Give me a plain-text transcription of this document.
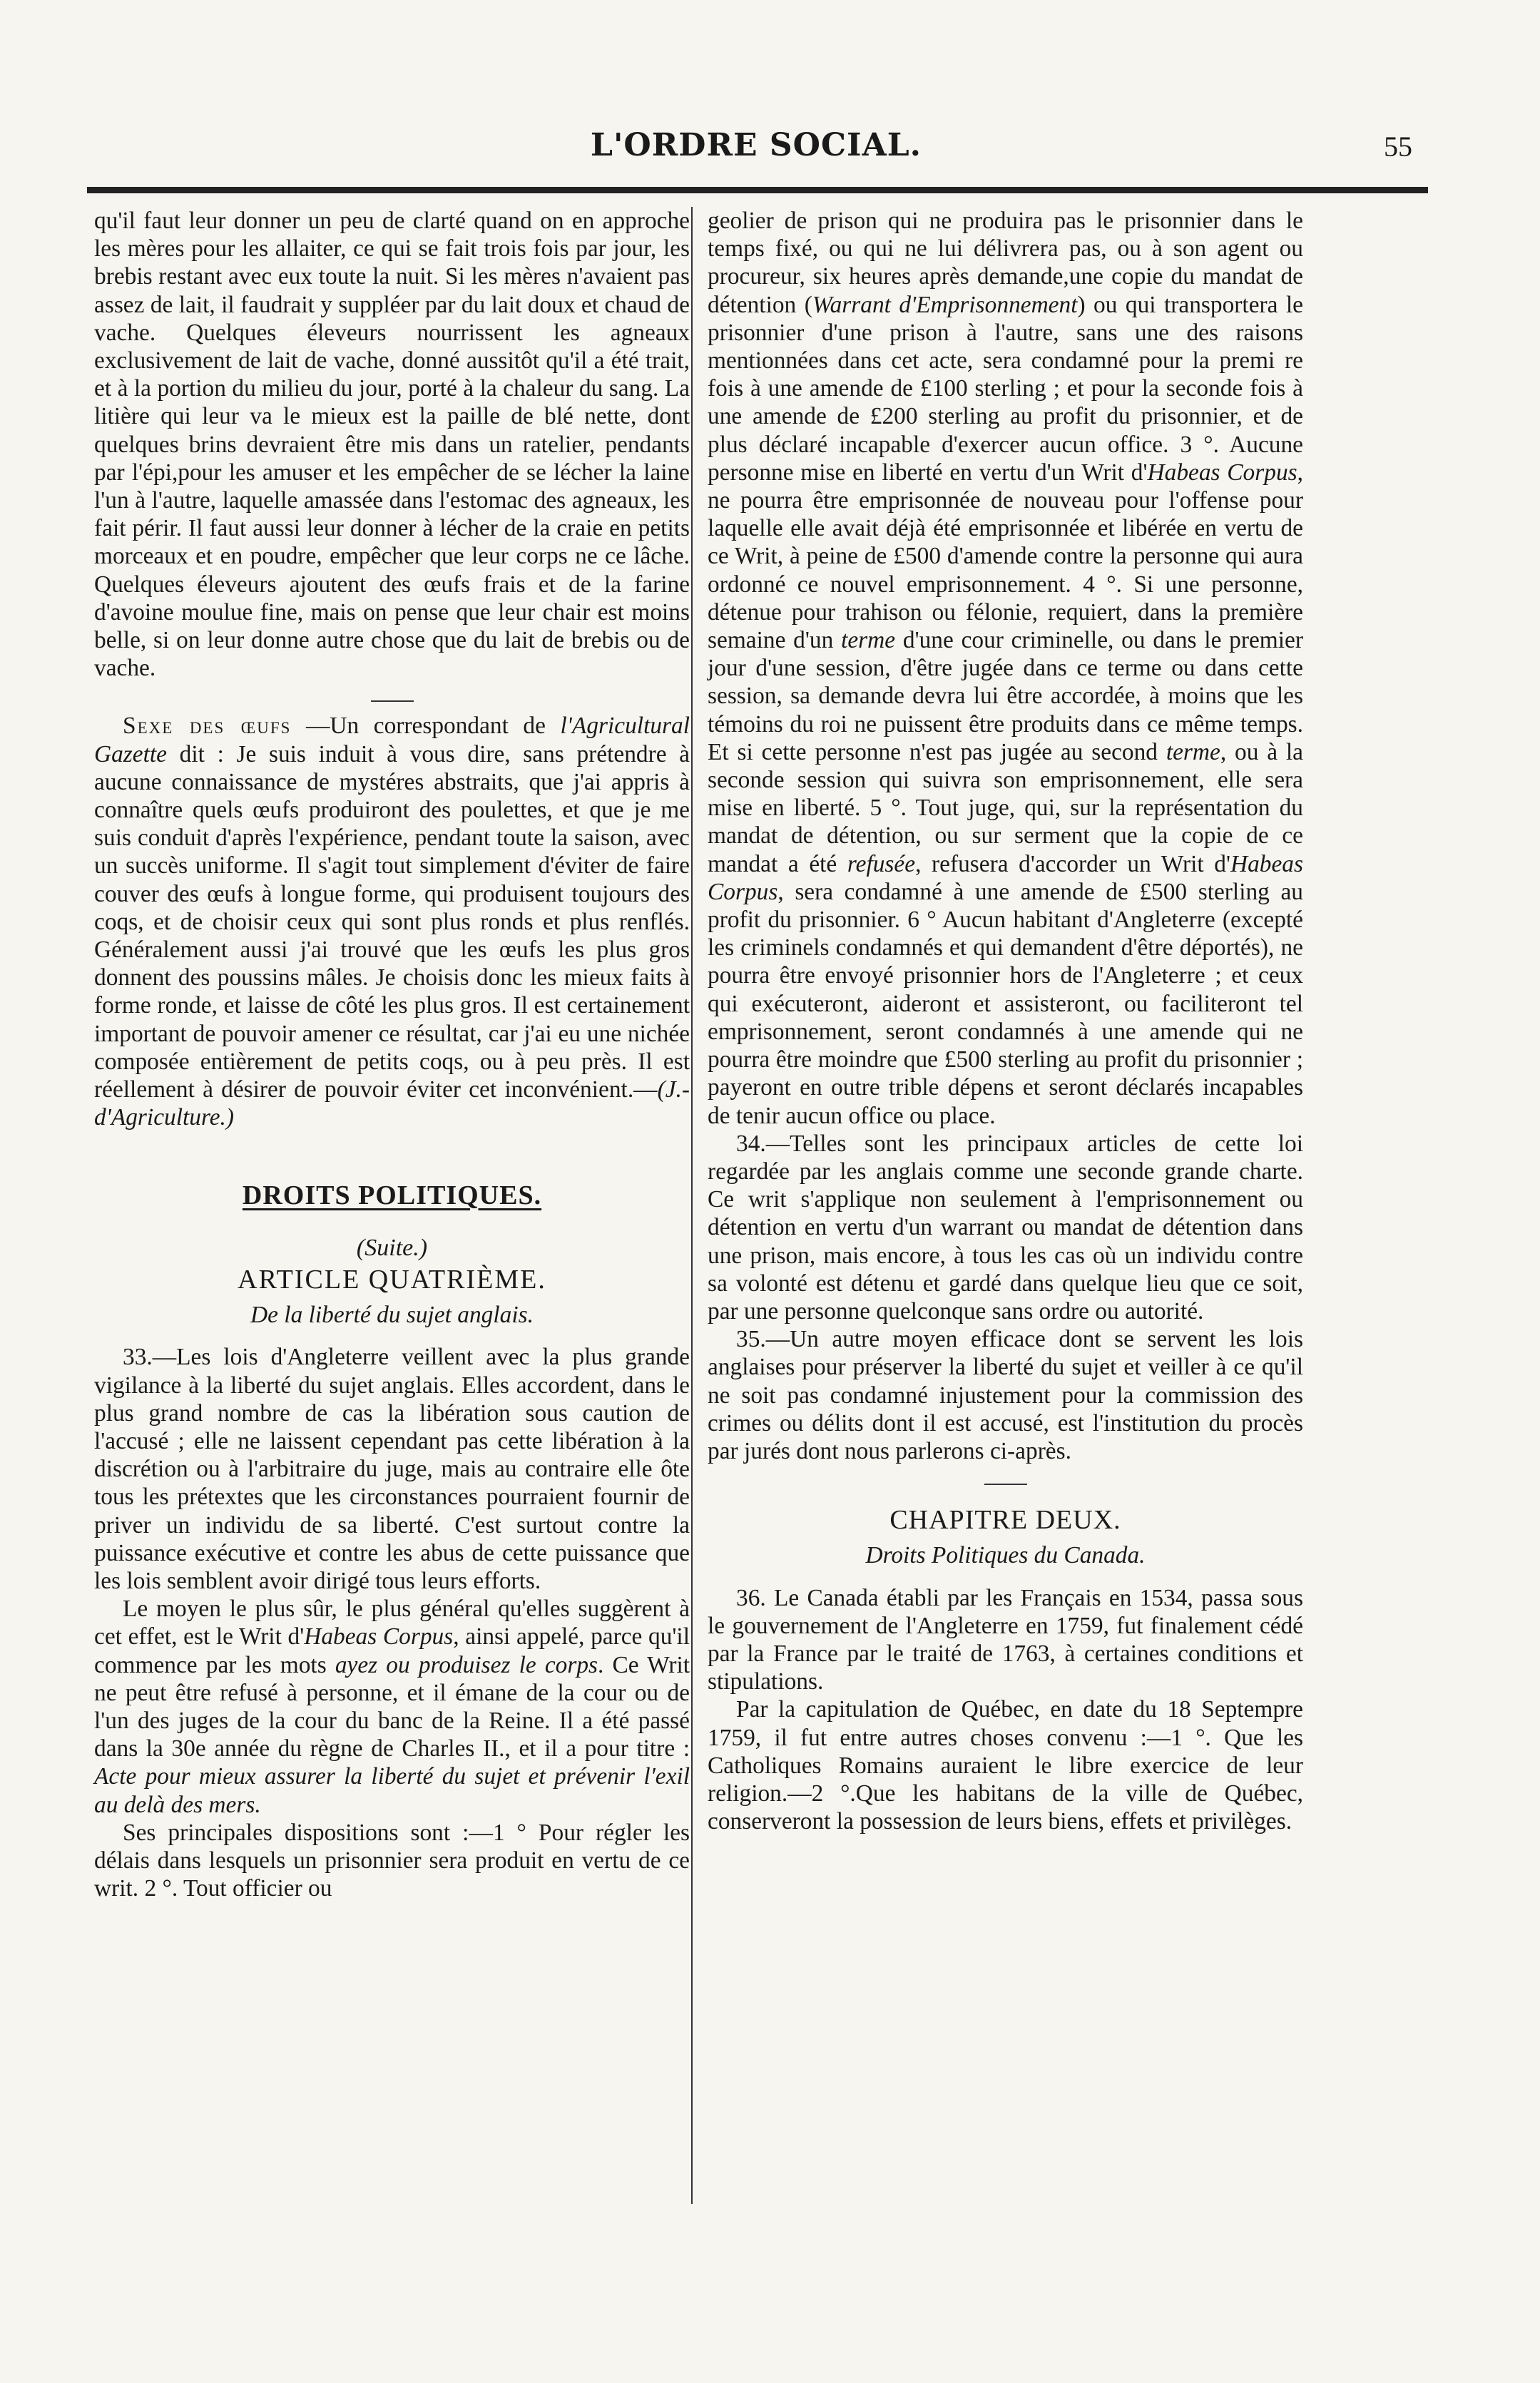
L'ORDRE SOCIAL.	55

qu'il faut leur donner un peu de clarté quand on en approche les mères pour les allaiter, ce qui se fait trois fois par jour, les brebis restant avec eux toute la nuit. Si les mères n'avaient pas assez de lait, il faudrait y suppléer par du lait doux et chaud de vache. Quelques éleveurs nourrissent les agneaux exclusivement de lait de vache, donné aussitôt qu'il a été trait, et à la portion du milieu du jour, porté à la chaleur du sang. La litière qui leur va le mieux est la paille de blé nette, dont quelques brins devraient être mis dans un ratelier, pendants par l'épi,pour les amuser et les empêcher de se lécher la laine l'un à l'autre, laquelle amassée dans l'estomac des agneaux, les fait périr. Il faut aussi leur donner à lécher de la craie en petits morceaux et en poudre, empêcher que leur corps ne ce lâche. Quelques éleveurs ajoutent des œufs frais et de la farine d'avoine moulue fine, mais on pense que leur chair est moins belle, si on leur donne autre chose que du lait de brebis ou de vache.

Sexe des œufs —Un correspondant de l'Agricultural Gazette dit : Je suis induit à vous dire, sans prétendre à aucune connaissance de mystéres abstraits, que j'ai appris à connaître quels œufs produiront des poulettes, et que je me suis conduit d'après l'expérience, pendant toute la saison, avec un succès uniforme. Il s'agit tout simplement d'éviter de faire couver des œufs à longue forme, qui produisent toujours des coqs, et de choisir ceux qui sont plus ronds et plus renflés. Généralement aussi j'ai trouvé que les œufs les plus gros donnent des poussins mâles. Je choisis donc les mieux faits à forme ronde, et laisse de côté les plus gros. Il est certainement important de pouvoir amener ce résultat, car j'ai eu une nichée composée entièrement de petits coqs, ou à peu près. Il est réellement à désirer de pouvoir éviter cet inconvénient.—(J.-d'Agriculture.)

DROITS POLITIQUES.
(Suite.)
ARTICLE QUATRIÈME.
De la liberté du sujet anglais.

33.—Les lois d'Angleterre veillent avec la plus grande vigilance à la liberté du sujet anglais. Elles accordent, dans le plus grand nombre de cas la libération sous caution de l'accusé ; elle ne laissent cependant pas cette libération à la discrétion ou à l'arbitraire du juge, mais au contraire elle ôte tous les prétextes que les circonstances pourraient fournir de priver un individu de sa liberté. C'est surtout contre la puissance exécutive et contre les abus de cette puissance que les lois semblent avoir dirigé tous leurs efforts.

Le moyen le plus sûr, le plus général qu'elles suggèrent à cet effet, est le Writ d'Habeas Corpus, ainsi appelé, parce qu'il commence par les mots ayez ou produisez le corps. Ce Writ ne peut être refusé à personne, et il émane de la cour ou de l'un des juges de la cour du banc de la Reine. Il a été passé dans la 30e année du règne de Charles II., et il a pour titre : Acte pour mieux assurer la liberté du sujet et prévenir l'exil au delà des mers.

Ses principales dispositions sont :—1 ° Pour régler les délais dans lesquels un prisonnier sera produit en vertu de ce writ. 2 °. Tout officier ou

geolier de prison qui ne produira pas le prisonnier dans le temps fixé, ou qui ne lui délivrera pas, ou à son agent ou procureur, six heures après demande,une copie du mandat de détention (Warrant d'Emprisonnement) ou qui transportera le prisonnier d'une prison à l'autre, sans une des raisons mentionnées dans cet acte, sera condamné pour la premi re fois à une amende de £100 sterling ; et pour la seconde fois à une amende de £200 sterling au profit du prisonnier, et de plus déclaré incapable d'exercer aucun office. 3 °. Aucune personne mise en liberté en vertu d'un Writ d'Habeas Corpus, ne pourra être emprisonnée de nouveau pour l'offense pour laquelle elle avait déjà été emprisonnée et libérée en vertu de ce Writ, à peine de £500 d'amende contre la personne qui aura ordonné ce nouvel emprisonnement. 4 °. Si une personne, détenue pour trahison ou félonie, requiert, dans la première semaine d'un terme d'une cour criminelle, ou dans le premier jour d'une session, d'être jugée dans ce terme ou dans cette session, sa demande devra lui être accordée, à moins que les témoins du roi ne puissent être produits dans ce même temps. Et si cette personne n'est pas jugée au second terme, ou à la seconde session qui suivra son emprisonnement, elle sera mise en liberté. 5 °. Tout juge, qui, sur la représentation du mandat de détention, ou sur serment que la copie de ce mandat a été refusée, refusera d'accorder un Writ d'Habeas Corpus, sera condamné à une amende de £500 sterling au profit du prisonnier. 6 ° Aucun habitant d'Angleterre (excepté les criminels condamnés et qui demandent d'être déportés), ne pourra être envoyé prisonnier hors de l'Angleterre ; et ceux qui exécuteront, aideront et assisteront, ou faciliteront tel emprisonnement, seront condamnés à une amende qui ne pourra être moindre que £500 sterling au profit du prisonnier ; payeront en outre trible dépens et seront déclarés incapables de tenir aucun office ou place.

34.—Telles sont les principaux articles de cette loi regardée par les anglais comme une seconde grande charte. Ce writ s'applique non seulement à l'emprisonnement ou détention en vertu d'un warrant ou mandat de détention dans une prison, mais encore, à tous les cas où un individu contre sa volonté est détenu et gardé dans quelque lieu que ce soit, par une personne quelconque sans ordre ou autorité.

35.—Un autre moyen efficace dont se servent les lois anglaises pour préserver la liberté du sujet et veiller à ce qu'il ne soit pas condamné injustement pour la commission des crimes ou délits dont il est accusé, est l'institution du procès par jurés dont nous parlerons ci-après.

CHAPITRE DEUX.
Droits Politiques du Canada.

36. Le Canada établi par les Français en 1534, passa sous le gouvernement de l'Angleterre en 1759, fut finalement cédé par la France par le traité de 1763, à certaines conditions et stipulations.

Par la capitulation de Québec, en date du 18 Septempre 1759, il fut entre autres choses convenu :—1 °. Que les Catholiques Romains auraient le libre exercice de leur religion.—2 °.Que les habitans de la ville de Québec, conserveront la possession de leurs biens, effets et privilèges.
